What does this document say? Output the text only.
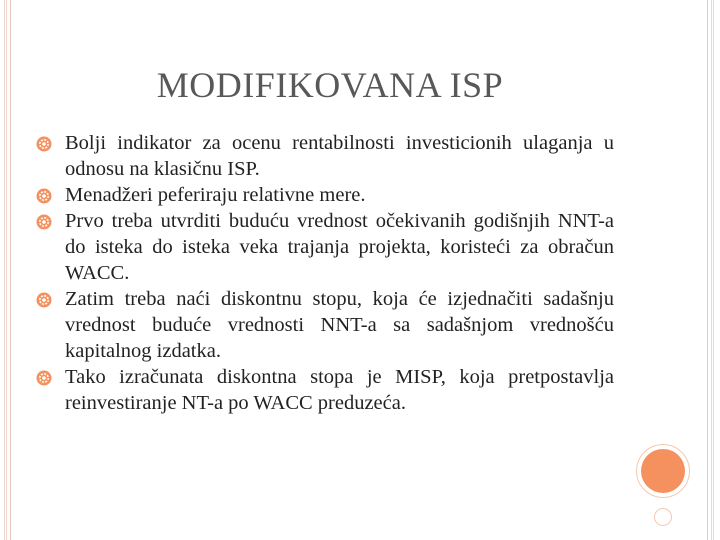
MODIFIKOVANA ISP
Bolji indikator za ocenu rentabilnosti investicionih ulaganja u odnosu na klasičnu ISP.
Menadžeri peferiraju relativne mere.
Prvo treba utvrditi buduću vrednost očekivanih godišnjih NNT-a do isteka do isteka veka trajanja projekta, koristeći za obračun WACC.
Zatim treba naći diskontnu stopu, koja će izjednačiti sadašnju vrednost buduće vrednosti NNT-a sa sadašnjom vrednošću kapitalnog izdatka.
Tako izračunata diskontna stopa je MISP, koja pretpostavlja reinvestiranje NT-a po WACC preduzeća.
